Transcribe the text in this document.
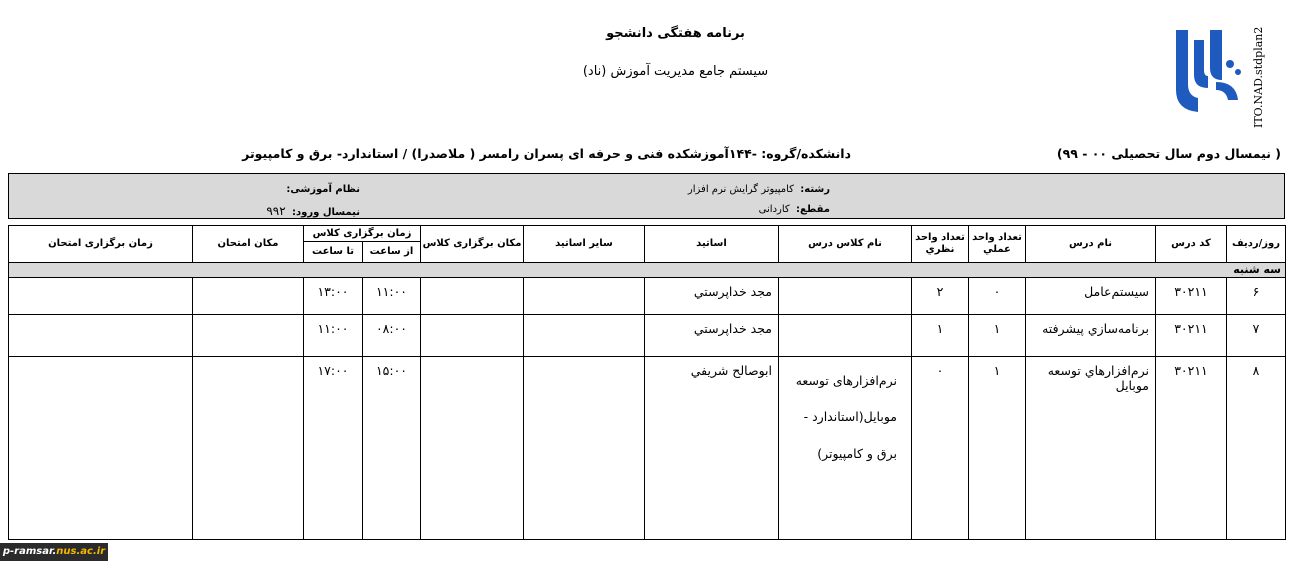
برنامه هفتگی دانشجو
سیستم جامع مدیریت آموزش (ناد)	ITO.NAD.stdplan2
( نیمسال دوم سال تحصیلی ۰۰ - ۹۹)
دانشکده/گروه: -۱۴۴آموزشکده فنی و حرفه ای پسران رامسر ( ملاصدرا) / استاندارد- برق و کامپیوتر
رشته:  کامپیوتر گرایش نرم افزار
مقطع:  کاردانی
نظام آموزشی:
نیمسال ورود:  ۹۹۲
روز/ردیف	کد درس	نام درس	تعداد واحد عملي	تعداد واحد نظري	نام کلاس درس	اساتيد	سایر اساتید	مکان برگزاری کلاس	زمان برگزاری کلاس		مکان امتحان	زمان برگزاری امتحان
									از ساعت	تا ساعت		
سه شنبه												
۶	۳۰۲۱۱	سیستم‌عامل	۰	۲		مجد خداپرستي			۱۱:۰۰	۱۳:۰۰		
۷	۳۰۲۱۱	برنامه‌سازي پيشرفته	۱	۱		مجد خداپرستي			۰۸:۰۰	۱۱:۰۰		
۸	۳۰۲۱۱	نرم‌افزارهاي توسعه موبايل	۱	۰	نرم‌افزارهای توسعه موبایل(استاندارد - برق و کامپیوتر)	ابوصالح شريفي			۱۵:۰۰	۱۷:۰۰		
p-ramsar.nus.ac.ir
